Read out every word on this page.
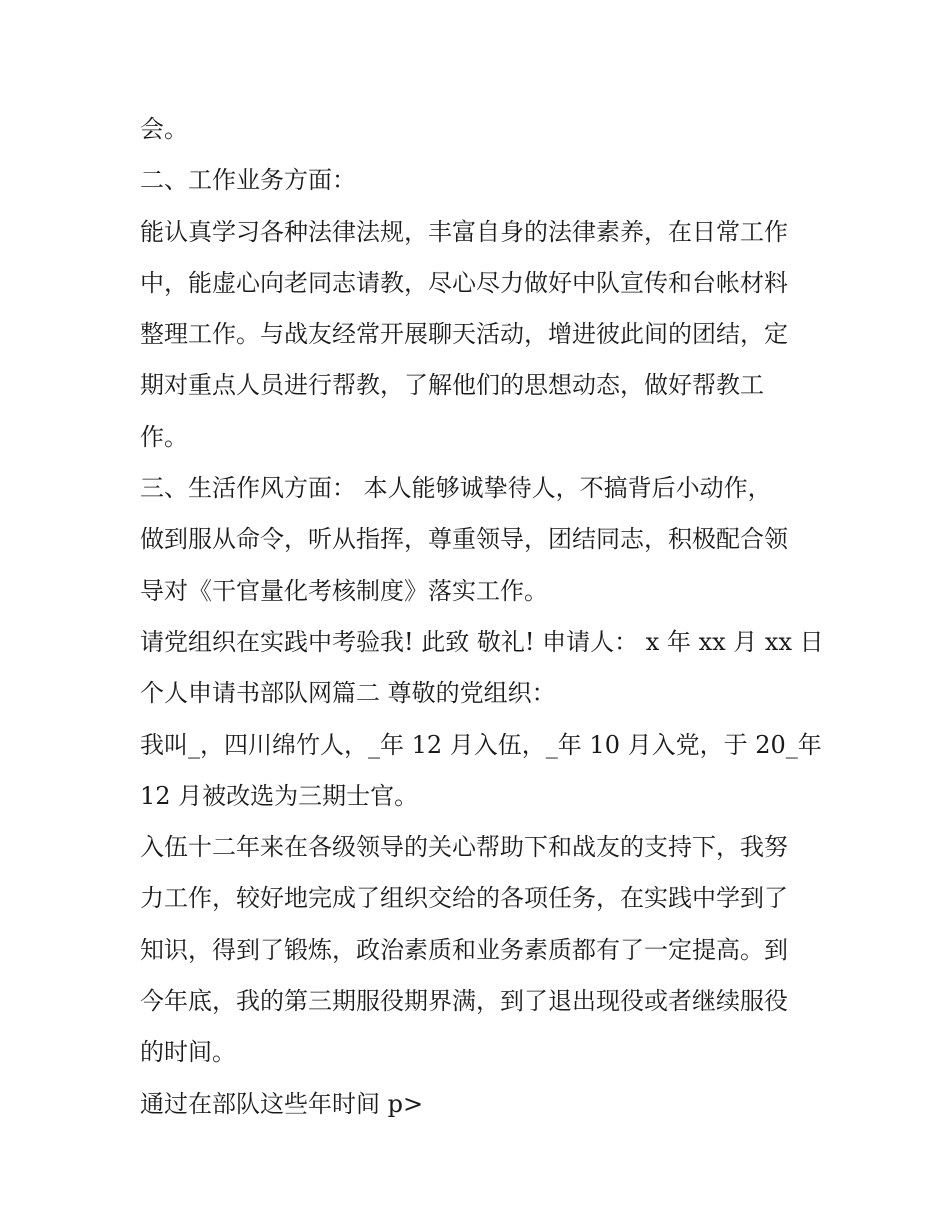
会。

二、工作业务方面：

能认真学习各种法律法规，丰富自身的法律素养，在日常工作
中，能虚心向老同志请教，尽心尽力做好中队宣传和台帐材料
整理工作。与战友经常开展聊天活动，增进彼此间的团结，定
期对重点人员进行帮教，了解他们的思想动态，做好帮教工
作。

三、生活作风方面： 本人能够诚挚待人，不搞背后小动作，
做到服从命令，听从指挥，尊重领导，团结同志，积极配合领
导对《干官量化考核制度》落实工作。

请党组织在实践中考验我! 此致 敬礼! 申请人： x 年 xx 月 xx 日

个人申请书部队网篇二 尊敬的党组织：

我叫_，四川绵竹人，_年 12 月入伍，_年 10 月入党，于 20_年
12 月被改选为三期士官。

入伍十二年来在各级领导的关心帮助下和战友的支持下，我努
力工作，较好地完成了组织交给的各项任务，在实践中学到了
知识，得到了锻炼，政治素质和业务素质都有了一定提高。到
今年底，我的第三期服役期界满，到了退出现役或者继续服役
的时间。

通过在部队这些年时间 p>
